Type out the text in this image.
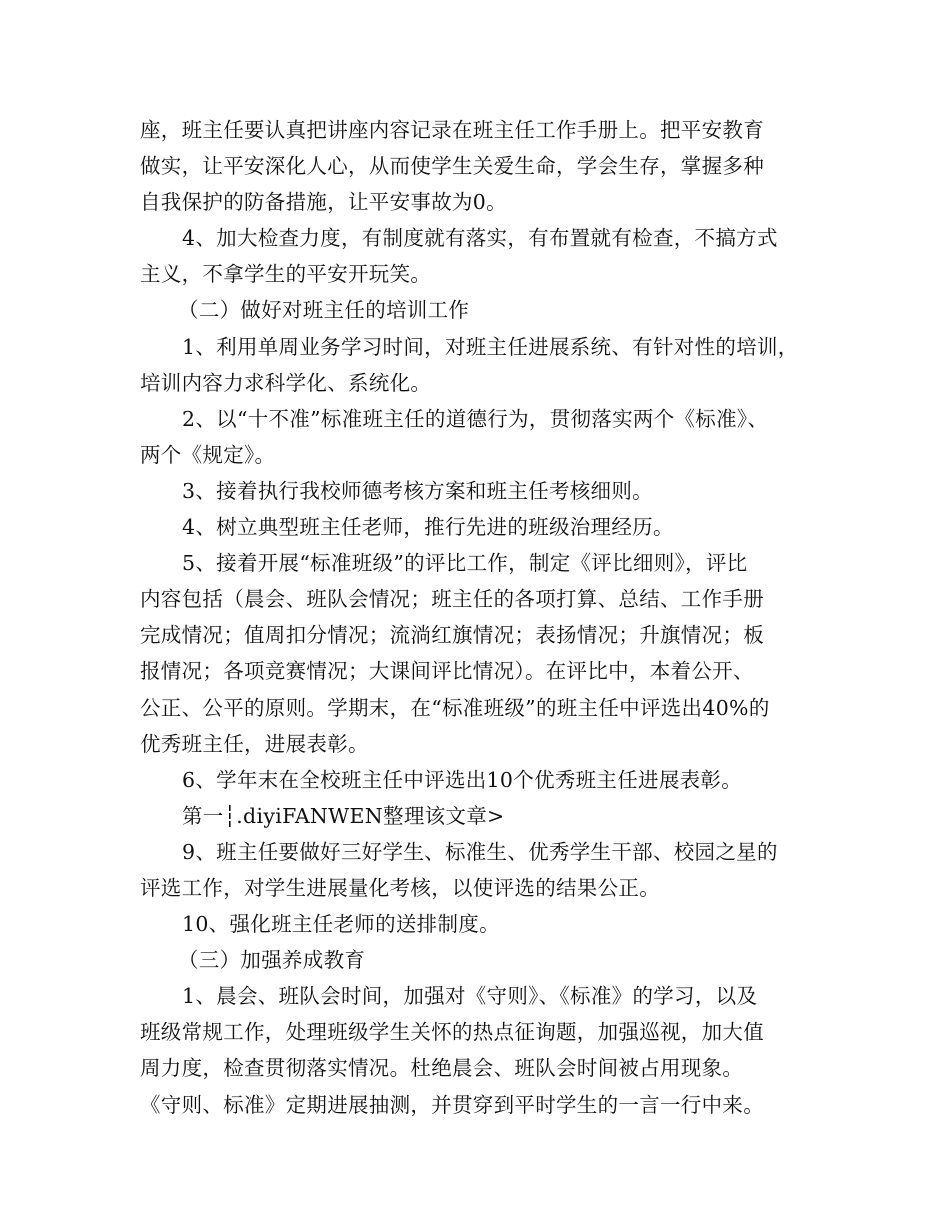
座，班主任要认真把讲座内容记录在班主任工作手册上。把平安教育
做实，让平安深化人心，从而使学生关爱生命，学会生存，掌握多种
自我保护的防备措施，让平安事故为0。
4、加大检查力度，有制度就有落实，有布置就有检查，不搞方式
主义，不拿学生的平安开玩笑。
（二）做好对班主任的培训工作
1、利用单周业务学习时间，对班主任进展系统、有针对性的培训，
培训内容力求科学化、系统化。
2、以“十不准”标准班主任的道德行为，贯彻落实两个《标准》、
两个《规定》。
3、接着执行我校师德考核方案和班主任考核细则。
4、树立典型班主任老师，推行先进的班级治理经历。
5、接着开展“标准班级”的评比工作，制定《评比细则》，评比
内容包括（晨会、班队会情况；班主任的各项打算、总结、工作手册
完成情况；值周扣分情况；流淌红旗情况；表扬情况；升旗情况；板
报情况；各项竞赛情况；大课间评比情况）。在评比中，本着公开、
公正、公平的原则。学期末，在“标准班级”的班主任中评选出40%的
优秀班主任，进展表彰。
6、学年末在全校班主任中评选出10个优秀班主任进展表彰。
第一┆.diyiFANWEN整理该文章>
9、班主任要做好三好学生、标准生、优秀学生干部、校园之星的
评选工作，对学生进展量化考核，以使评选的结果公正。
10、强化班主任老师的送排制度。
（三）加强养成教育
1、晨会、班队会时间，加强对《守则》、《标准》的学习，以及
班级常规工作，处理班级学生关怀的热点征询题，加强巡视，加大值
周力度，检查贯彻落实情况。杜绝晨会、班队会时间被占用现象。
《守则、标准》定期进展抽测，并贯穿到平时学生的一言一行中来。
